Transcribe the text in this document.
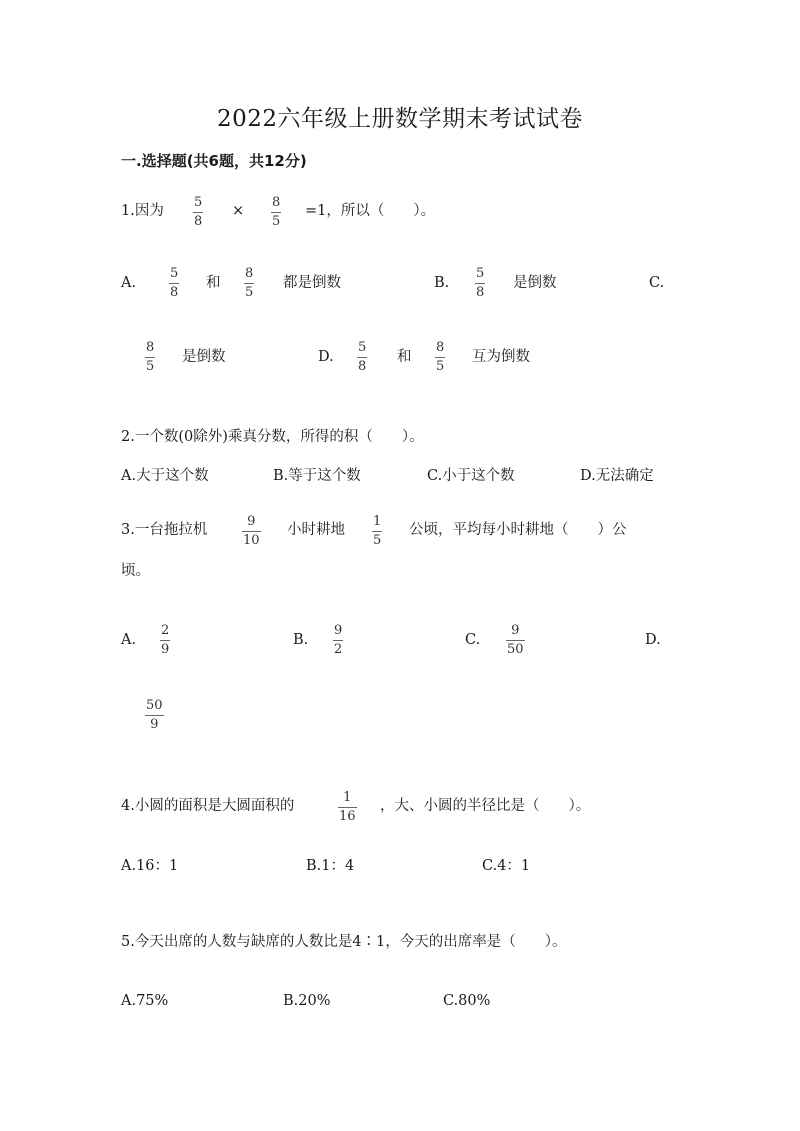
2022六年级上册数学期末考试试卷
一.选择题(共6题，共12分)
1.因为
5
8
×
8
5
=1，所以（　　）。
A.
5
8
和
8
5
都是倒数	B.
5
8
是倒数	C.
8
5
是倒数	D.
5
8
和
8
5
互为倒数
2.一个数(0除外)乘真分数，所得的积（　　）。
A.大于这个数	B.等于这个数	C.小于这个数	D.无法确定
3.一台拖拉机
9
10
小时耕地
1
5
公顷，平均每小时耕地（　　）公
顷。
A.
2
9
B.
9
2
C.
9
50
D.
50
9
4.小圆的面积是大圆面积的
1
16
，大、小圆的半径比是（　　）。
A.16：1	B.1：4	C.4：1
5.今天出席的人数与缺席的人数比是4∶1，今天的出席率是（　　）。
A.75%	B.20%	C.80%
